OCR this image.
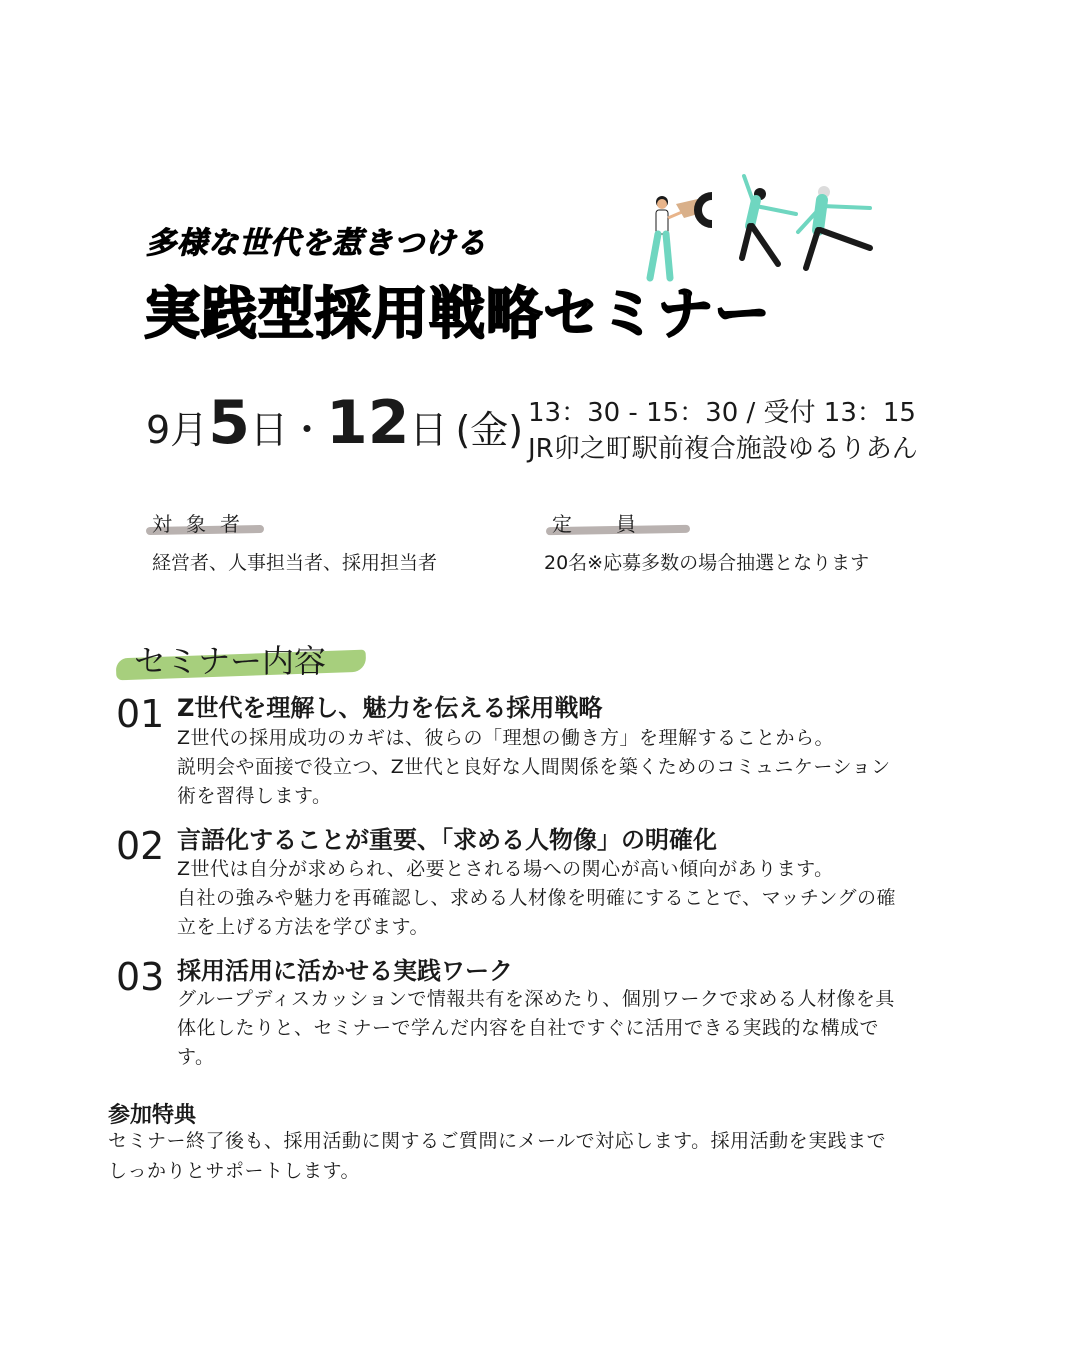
多様な世代を惹きつける
実践型採用戦略セミナー
9月5日・12日 (金) 13：30 - 15：30 / 受付 13：15
JR卯之町駅前複合施設ゆるりあん
対象者
経営者、人事担当者、採用担当者
定員
20名※応募多数の場合抽選となります
セミナー内容
01 Z世代を理解し、魅力を伝える採用戦略
Z世代の採用成功のカギは、彼らの「理想の働き方」を理解することから。
説明会や面接で役立つ、Z世代と良好な人間関係を築くためのコミュニケーション
術を習得します。
02 言語化することが重要、「求める人物像」の明確化
Z世代は自分が求められ、必要とされる場への関心が高い傾向があります。
自社の強みや魅力を再確認し、求める人材像を明確にすることで、マッチングの確
立を上げる方法を学びます。
03 採用活用に活かせる実践ワーク
グループディスカッションで情報共有を深めたり、個別ワークで求める人材像を具
体化したりと、セミナーで学んだ内容を自社ですぐに活用できる実践的な構成で
す。
参加特典
セミナー終了後も、採用活動に関するご質問にメールで対応します。採用活動を実践まで
しっかりとサポートします。
